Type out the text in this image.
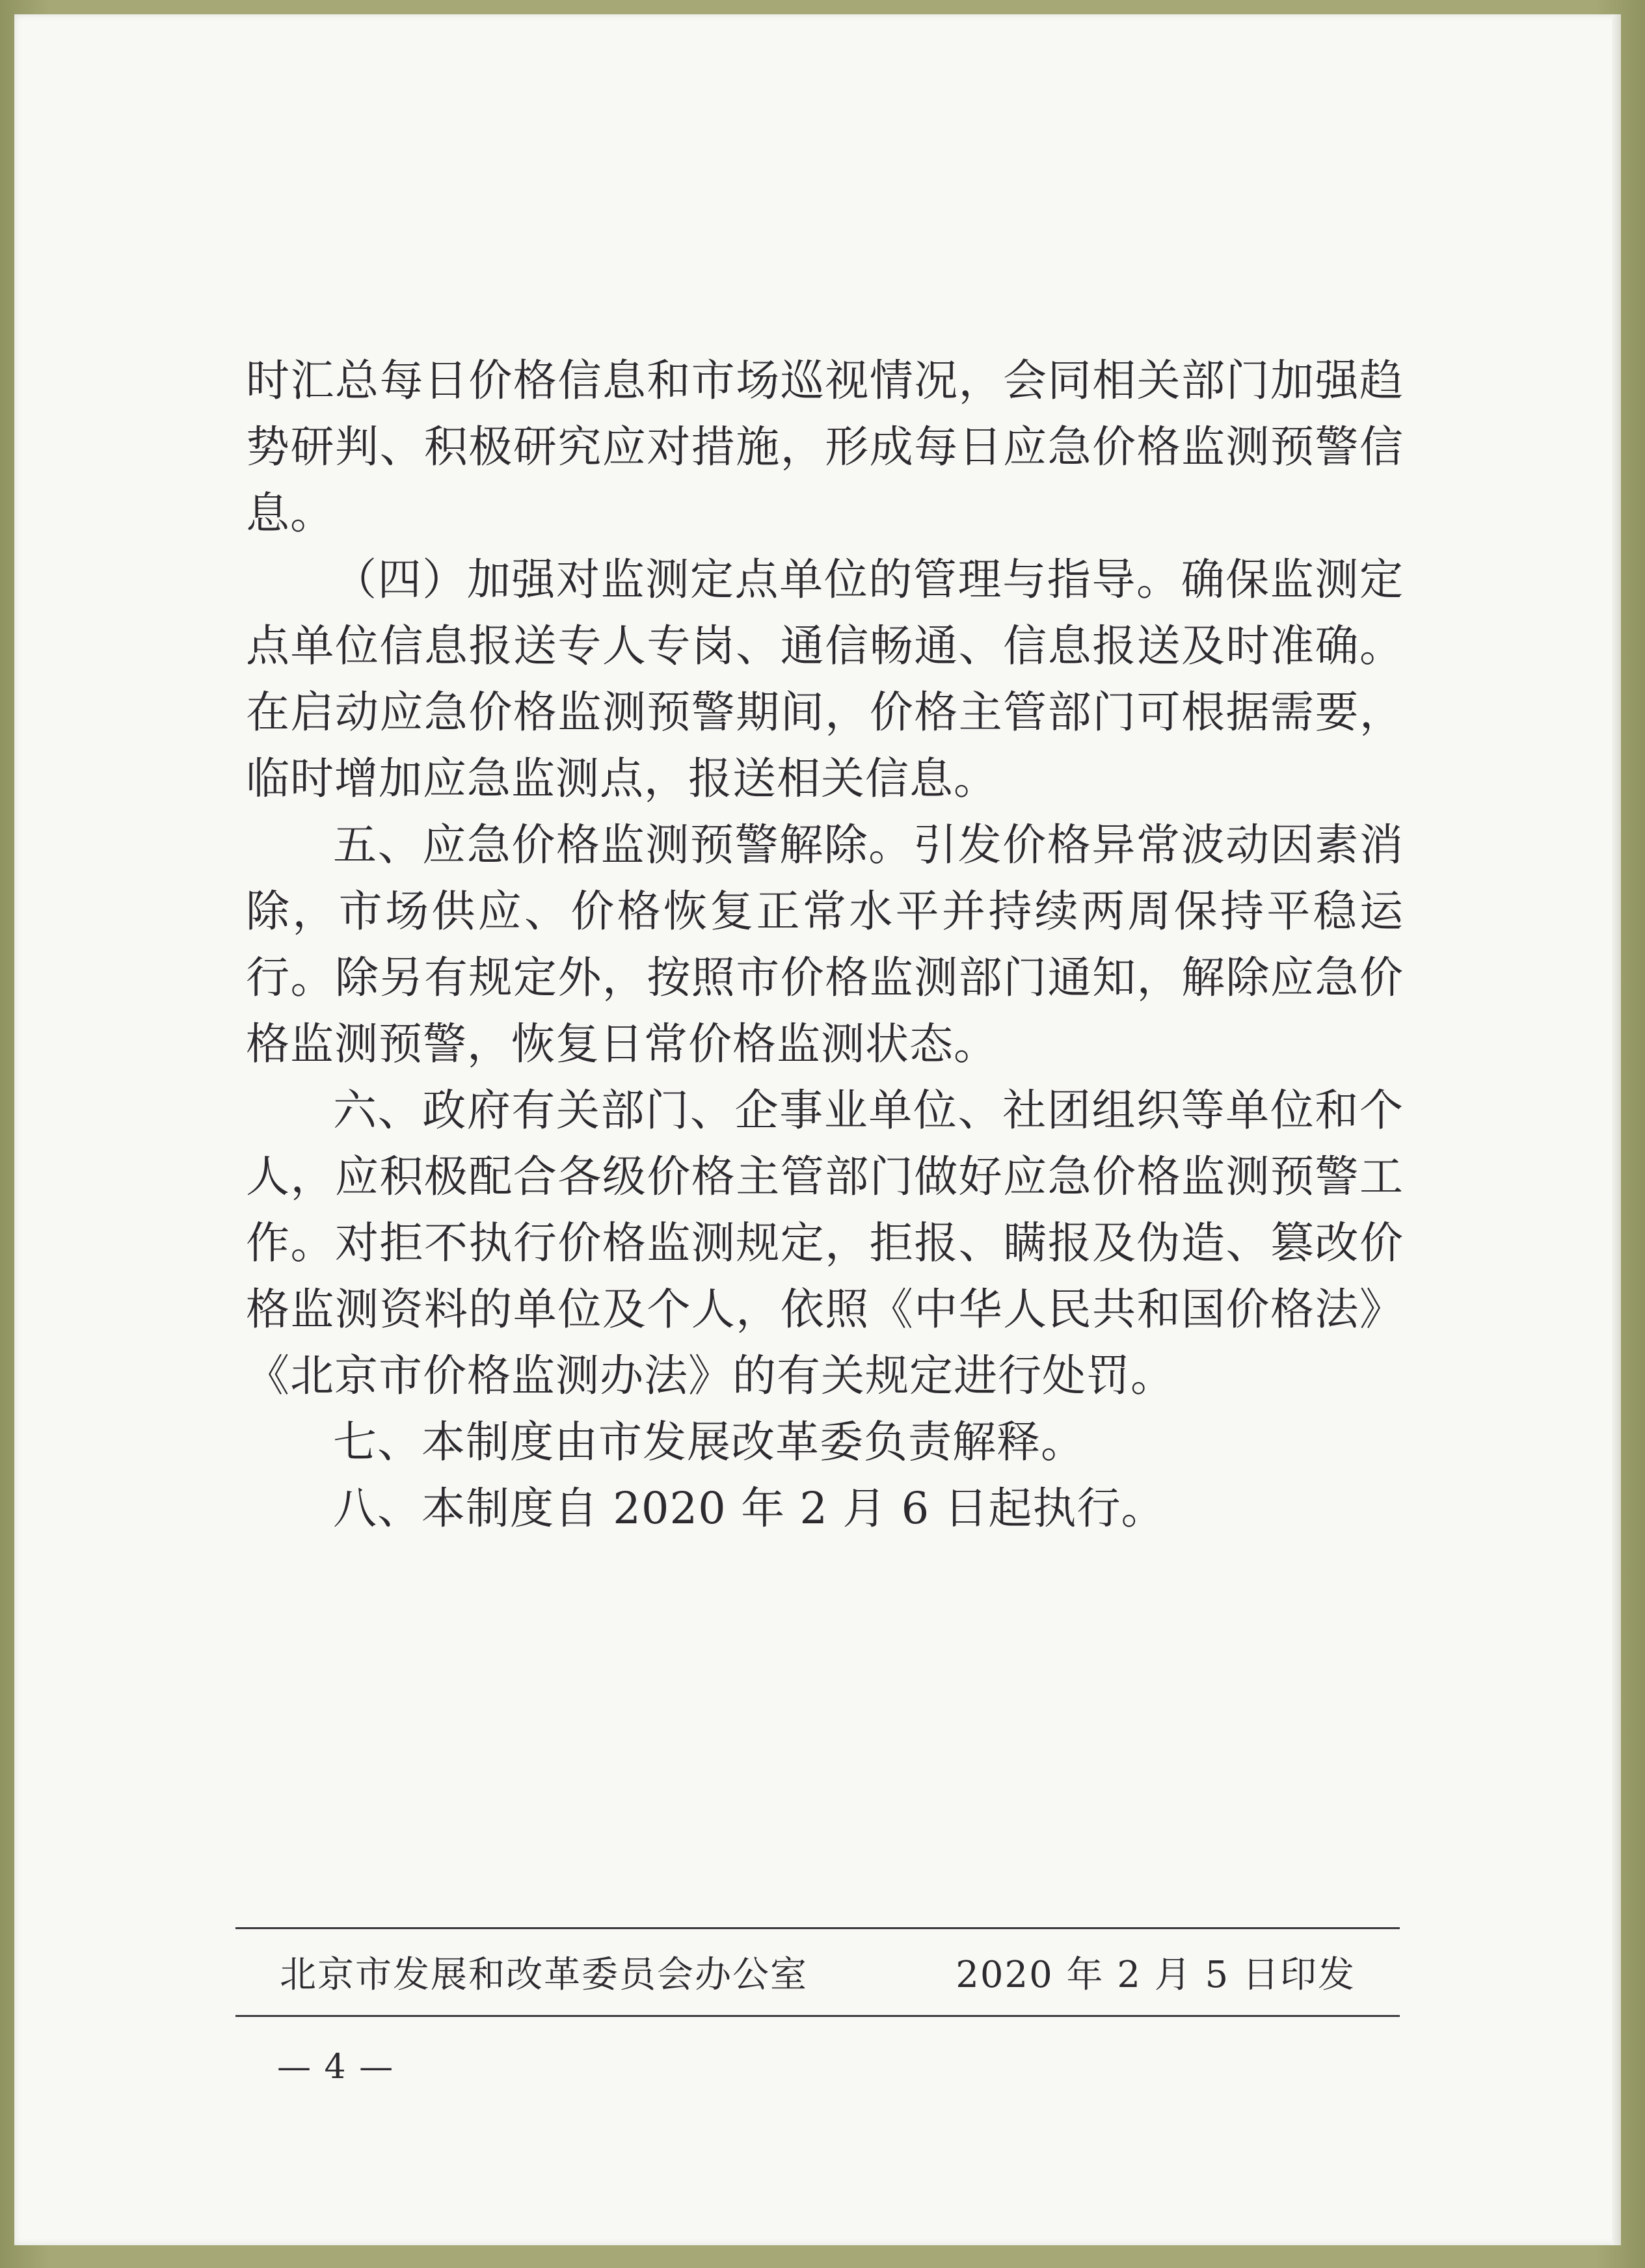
时汇总每日价格信息和市场巡视情况，会同相关部门加强趋势研判、积极研究应对措施，形成每日应急价格监测预警信息。

（四）加强对监测定点单位的管理与指导。确保监测定点单位信息报送专人专岗、通信畅通、信息报送及时准确。在启动应急价格监测预警期间，价格主管部门可根据需要，临时增加应急监测点，报送相关信息。

五、应急价格监测预警解除。引发价格异常波动因素消除，市场供应、价格恢复正常水平并持续两周保持平稳运行。除另有规定外，按照市价格监测部门通知，解除应急价格监测预警，恢复日常价格监测状态。

六、政府有关部门、企事业单位、社团组织等单位和个人，应积极配合各级价格主管部门做好应急价格监测预警工作。对拒不执行价格监测规定，拒报、瞒报及伪造、篡改价格监测资料的单位及个人，依照《中华人民共和国价格法》《北京市价格监测办法》的有关规定进行处罚。

七、本制度由市发展改革委负责解释。

八、本制度自 2020 年 2 月 6 日起执行。

北京市发展和改革委员会办公室	2020 年 2 月 5 日印发
— 4 —
